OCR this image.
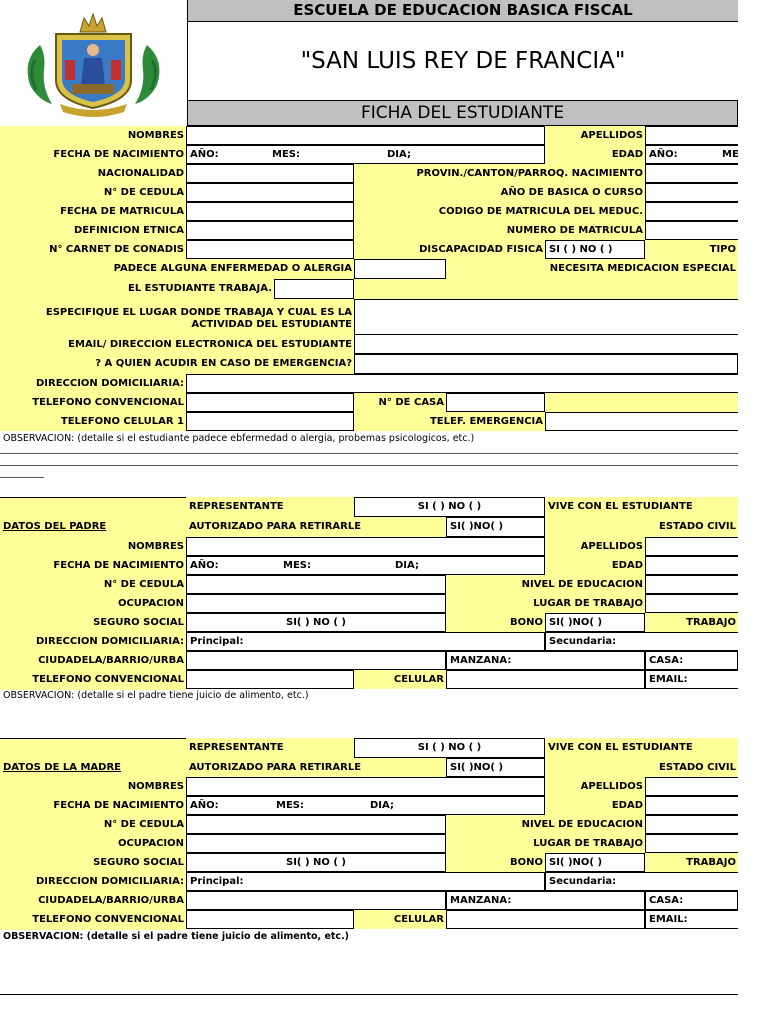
ESCUELA DE EDUCACION BASICA FISCAL
"SAN LUIS REY DE FRANCIA"
FICHA DEL ESTUDIANTE
NOMBRES	APELLIDOS
FECHA DE NACIMIENTO AÑO:	MES:	DIA;	EDAD AÑO:	ME
NACIONALIDAD	PROVIN./CANTON/PARROQ. NACIMIENTO
N° DE CEDULA	AÑO DE BASICA O CURSO
FECHA DE MATRICULA	CODIGO DE MATRICULA DEL MEDUC.
DEFINICION ETNICA	NUMERO DE MATRICULA
N° CARNET DE CONADIS	DISCAPACIDAD FISICA SI ( ) NO ( )	TIPO
PADECE ALGUNA ENFERMEDAD O ALERGIA	NECESITA MEDICACION ESPECIAL
EL ESTUDIANTE TRABAJA.
ESPECIFIQUE EL LUGAR DONDE TRABAJA Y CUAL ES LA
ACTIVIDAD DEL ESTUDIANTE
EMAIL/ DIRECCION ELECTRONICA DEL ESTUDIANTE
? A QUIEN ACUDIR EN CASO DE EMERGENCIA?
DIRECCION DOMICILIARIA:
TELEFONO CONVENCIONAL	N° DE CASA
TELEFONO CELULAR 1	TELEF. EMERGENCIA
OBSERVACION: (detalle si el estudiante padece ebfermedad o alergia, probemas psicologicos, etc.)
REPRESENTANTE	SI ( ) NO ( )	VIVE CON EL ESTUDIANTE
DATOS DEL PADRE	AUTORIZADO PARA RETIRARLE	SI( )NO( )	ESTADO CIVIL
NOMBRES	APELLIDOS
FECHA DE NACIMIENTO AÑO:	MES:	DIA;	EDAD
N° DE CEDULA	NIVEL DE EDUCACION
OCUPACION	LUGAR DE TRABAJO
SEGURO SOCIAL	SI( ) NO ( )	BONO SI( )NO( )	TRABAJO
DIRECCION DOMICILIARIA: Principal:	Secundaria:
CIUDADELA/BARRIO/URBA	MANZANA:	CASA:
TELEFONO CONVENCIONAL	CELULAR	EMAIL:
OBSERVACION: (detalle si el padre tiene juicio de alimento, etc.)
REPRESENTANTE	SI ( ) NO ( )	VIVE CON EL ESTUDIANTE
DATOS DE LA MADRE	AUTORIZADO PARA RETIRARLE	SI( )NO( )	ESTADO CIVIL
NOMBRES	APELLIDOS
FECHA DE NACIMIENTO AÑO:	MES:	DIA;	EDAD
N° DE CEDULA	NIVEL DE EDUCACION
OCUPACION	LUGAR DE TRABAJO
SEGURO SOCIAL	SI( ) NO ( )	BONO SI( )NO( )	TRABAJO
DIRECCION DOMICILIARIA: Principal:	Secundaria:
CIUDADELA/BARRIO/URBA	MANZANA:	CASA:
TELEFONO CONVENCIONAL	CELULAR	EMAIL:
OBSERVACION: (detalle si el padre tiene juicio de alimento, etc.)
